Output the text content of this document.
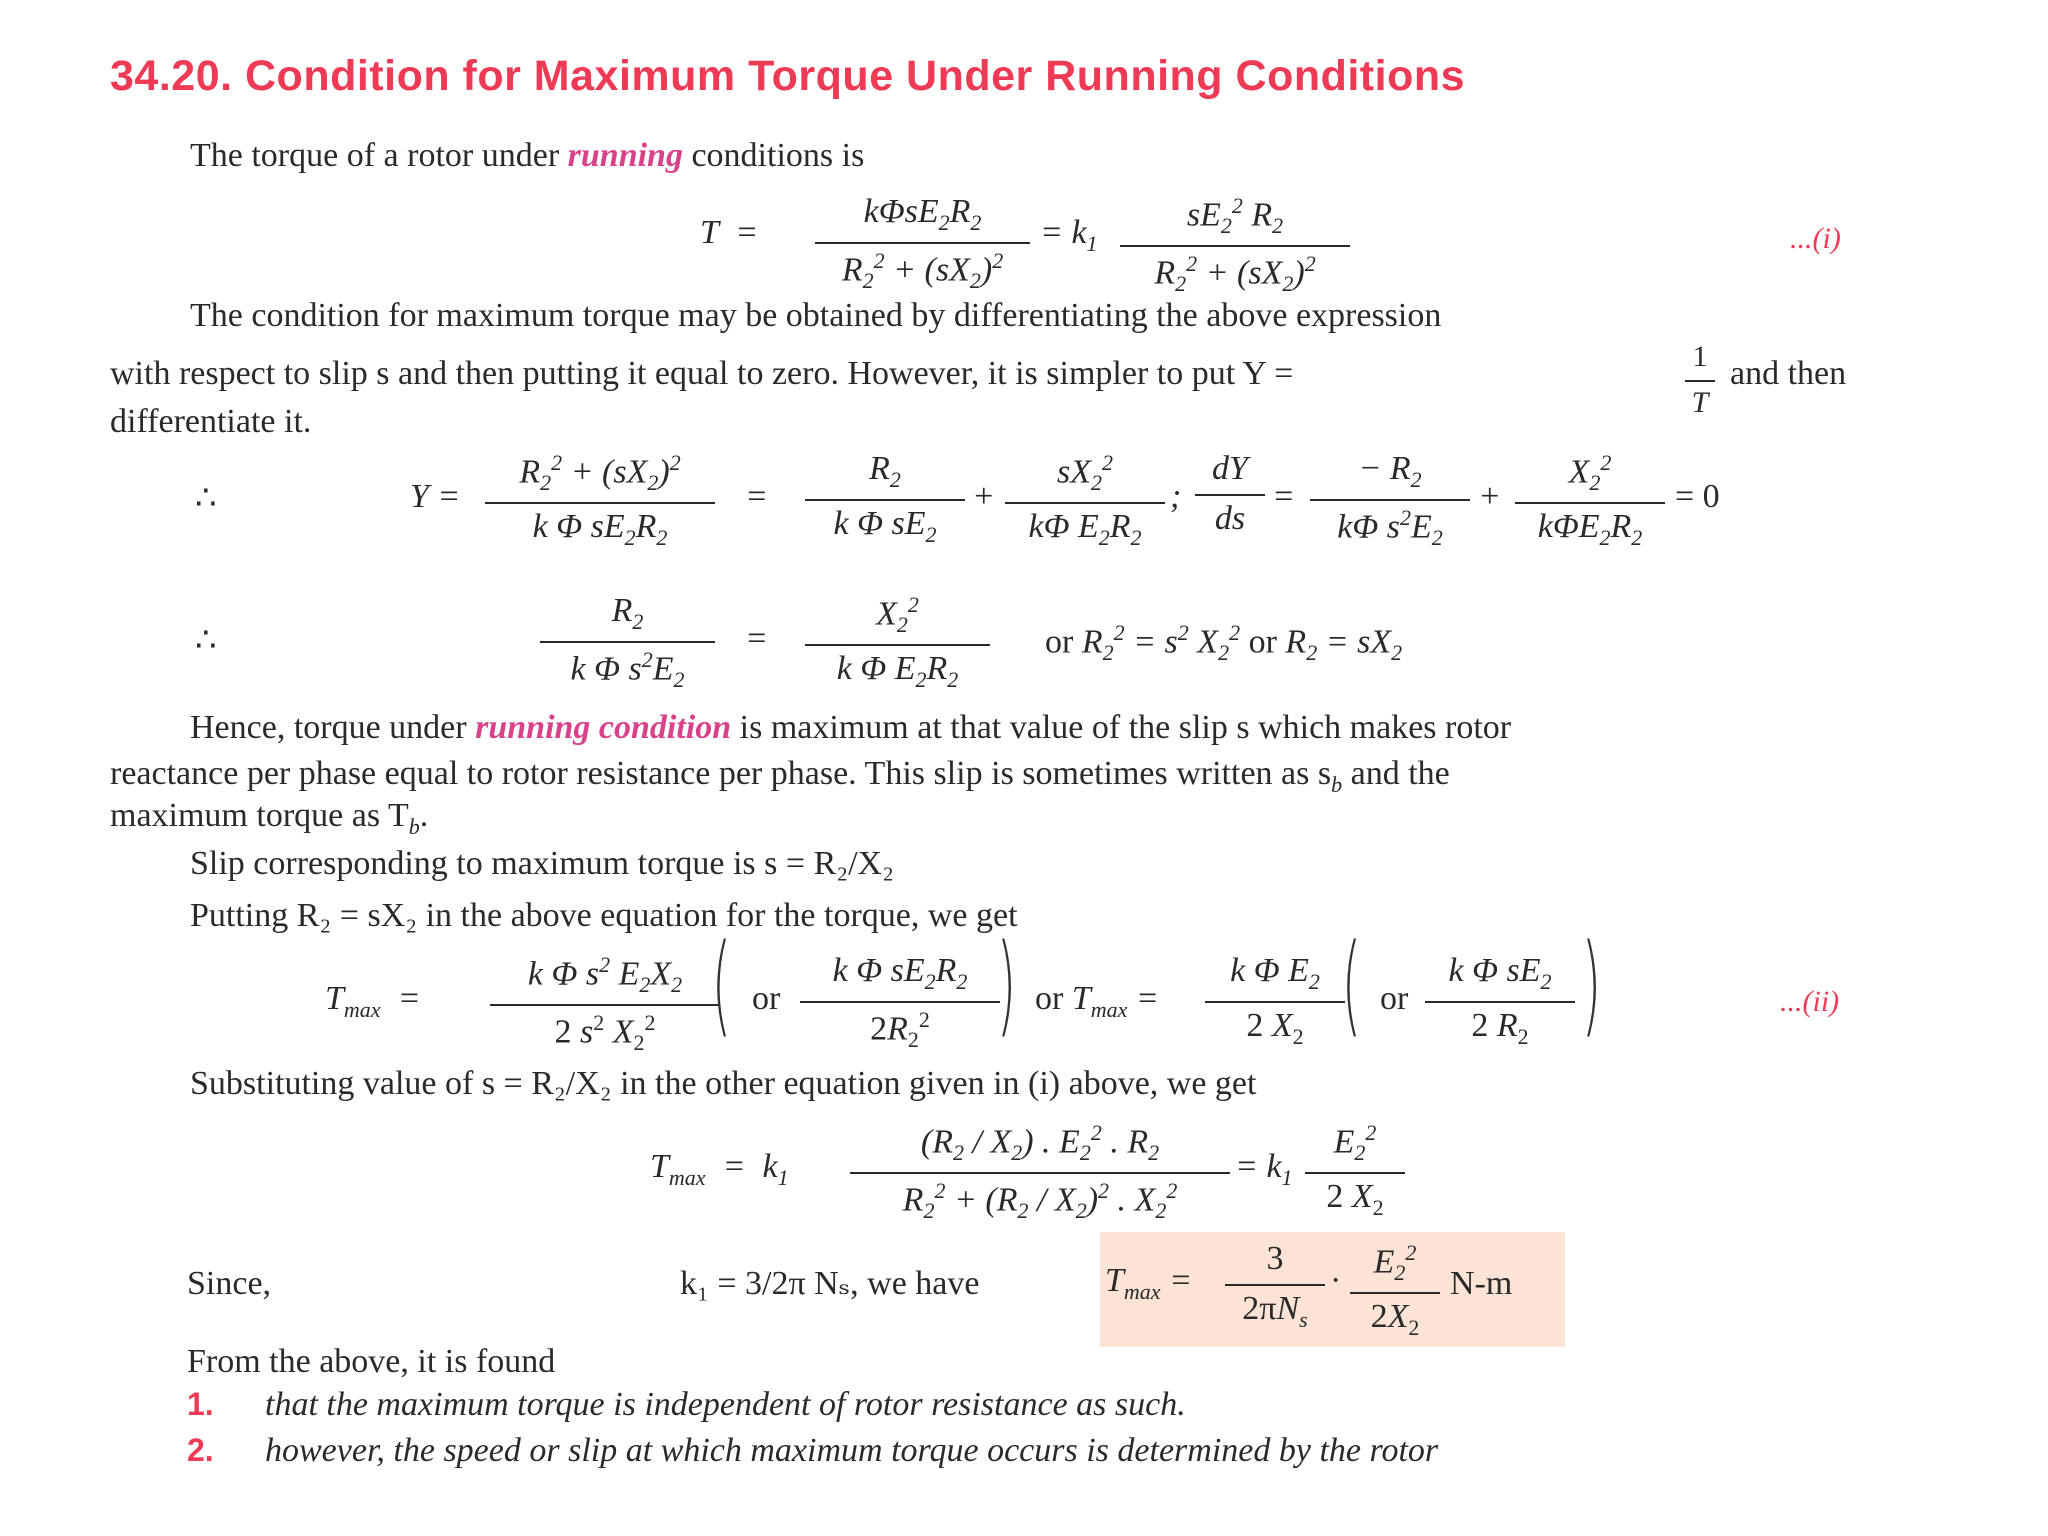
34.20. Condition for Maximum Torque Under Running Conditions
The torque of a rotor under running conditions is
T  =
$k\Phi sE_2R_2$
$R_2^2 + (sX_2)^2$
= $k_1$
$sE_2^2$ $R_2$
$R_2^2 + (sX_2)^2$
...(i)
The condition for maximum torque may be obtained by differentiating the above expression
with respect to slip s and then putting it equal to zero. However, it is simpler to put Y =	1
T
and then
differentiate it.
∴	Y =
$R_2^2 + (sX_2)^2$
k Φ $sE_2R_2$
=
$R_2$
k Φ $sE_2$
+
$sX_2^2$
kΦ $E_2R_2$
;
dY
ds
=
− $R_2$
kΦ $s^2E_2$
+
$X_2^2$
$k\Phi E_2R_2$
= 0
∴
$R_2$
k Φ $s^2E_2$
=
$X_2^2$
k Φ $E_2R_2$
or $R_2^2 = s^2$ $X_2^2$ or $R_2 = sX_2$
Hence, torque under running condition is maximum at that value of the slip s which makes rotor
reactance per phase equal to rotor resistance per phase. This slip is sometimes written as $s_b$ and the
maximum torque as $T_b$.
Slip corresponding to maximum torque is s = R₂/X₂
Putting R₂ = sX₂ in the above equation for the torque, we get
$T_{max}$  =
k Φ $s^2$ $E_2X_2$
2 $s^2$ $X_2^2$ ( or
k Φ $sE_2R_2$
$2R_2^2$ ) or $T_{max}$ =
k Φ $E_2$
2 $X_2$ ( or
k Φ $sE_2$
2 $R_2$ )	...(ii)
Substituting value of s = R₂/X₂ in the other equation given in (i) above, we get
$T_{max} = k_1$
$(R_2 / X_2)$ . $E_2^2$ . $R_2$
$R_2^2 + (R_2 / X_2)^2$ . $X_2^2$
= $k_1$
$E_2^2$
2 $X_2$
Since,	k₁ = 3/2π Nₛ, we have	$T_{max}$ =
3
$2\pi N_s$
·
$E_2^2$
$2X_2$
N-m
From the above, it is found
1. that the maximum torque is independent of rotor resistance as such.
2. however, the speed or slip at which maximum torque occurs is determined by the rotor
